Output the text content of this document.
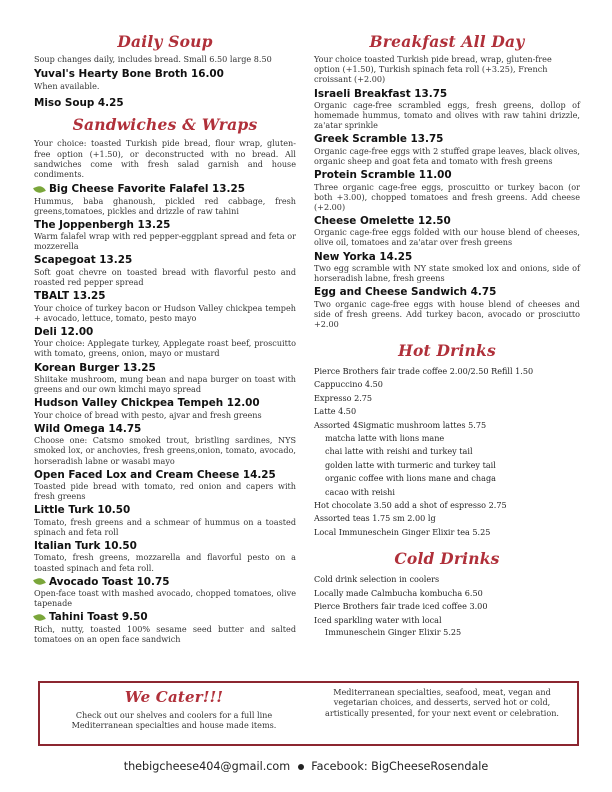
Daily Soup
Soup changes daily, includes bread. Small 6.50 large 8.50
Yuval's Hearty Bone Broth 16.00
When available.
Miso Soup 4.25
Sandwiches & Wraps
Your choice: toasted Turkish pide bread, flour wrap, gluten-free option (+1.50), or deconstructed with no bread. All sandwiches come with fresh salad garnish and house condiments.
Big Cheese Favorite Falafel 13.25
Hummus, baba ghanoush, pickled red cabbage, fresh greens,tomatoes, pickles and drizzle of raw tahini
The Joppenbergh 13.25
Warm falafel wrap with red pepper-eggplant spread and feta or mozzerella
Scapegoat 13.25
Soft goat chevre on toasted bread with flavorful pesto and roasted red pepper spread
TBALT 13.25
Your choice of turkey bacon or Hudson Valley chickpea tempeh + avocado, lettuce, tomato, pesto mayo
Deli 12.00
Your choice: Applegate turkey, Applegate roast beef, proscuitto with tomato, greens, onion, mayo or mustard
Korean Burger 13.25
Shiitake mushroom, mung bean and napa burger on toast with greens and our own kimchi mayo spread
Hudson Valley Chickpea Tempeh 12.00
Your choice of bread with pesto, ajvar and fresh greens
Wild Omega 14.75
Choose one: Catsmo smoked trout, bristling sardines, NYS smoked lox, or anchovies, fresh greens,onion, tomato, avocado, horseradish labne or wasabi mayo
Open Faced Lox and Cream Cheese 14.25
Toasted pide bread with tomato, red onion and capers with fresh greens
Little Turk 10.50
Tomato, fresh greens and a schmear of hummus on a toasted spinach and feta roll
Italian Turk 10.50
Tomato, fresh greens, mozzarella and flavorful pesto on a toasted spinach and feta roll.
Avocado Toast 10.75
Open-face toast with mashed avocado, chopped tomatoes, olive tapenade
Tahini Toast 9.50
Rich, nutty, toasted 100% sesame seed butter and salted tomatoes on an open face sandwich
Breakfast All Day
Your choice toasted Turkish pide bread, wrap, gluten-free option (+1.50), Turkish spinach feta roll (+3.25), French croissant (+2.00)
Israeli Breakfast 13.75
Organic cage-free scrambled eggs, fresh greens, dollop of homemade hummus, tomato and olives with raw tahini drizzle, za'atar sprinkle
Greek Scramble 13.75
Organic cage-free eggs with 2 stuffed grape leaves, black olives, organic sheep and goat feta and tomato with fresh greens
Protein Scramble 11.00
Three organic cage-free eggs, proscuitto or turkey bacon (or both +3.00), chopped tomatoes and fresh greens. Add cheese (+2.00)
Cheese Omelette 12.50
Organic cage-free eggs folded with our house blend of cheeses, olive oil, tomatoes and za'atar over fresh greens
New Yorka 14.25
Two egg scramble with NY state smoked lox and onions, side of horseradish labne, fresh greens
Egg and Cheese Sandwich 4.75
Two organic cage-free eggs with house blend of cheeses and side of fresh greens. Add turkey bacon, avocado or prosciutto +2.00
Hot Drinks
Pierce Brothers fair trade coffee 2.00/2.50 Refill 1.50
Cappuccino 4.50
Expresso 2.75
Latte 4.50
Assorted 4Sigmatic mushroom lattes 5.75
matcha latte with lions mane
chai latte with reishi and turkey tail
golden latte with turmeric and turkey tail
organic coffee with lions mane and chaga
cacao with reishi
Hot chocolate 3.50 add a shot of espresso 2.75
Assorted teas 1.75 sm 2.00 lg
Local Immuneschein Ginger Elixir tea 5.25
Cold Drinks
Cold drink selection in coolers
Locally made Calmbucha kombucha 6.50
Pierce Brothers fair trade iced coffee 3.00
Iced sparkling water with local
Immuneschein Ginger Elixir 5.25
We Cater!!!
Check out our shelves and coolers for a full line Mediterranean specialties and house made items.
Mediterranean specialties, seafood, meat, vegan and vegetarian choices, and desserts, served hot or cold, artistically presented, for your next event or celebration.
thebigcheese404@gmail.com Facebook: BigCheeseRosendale
